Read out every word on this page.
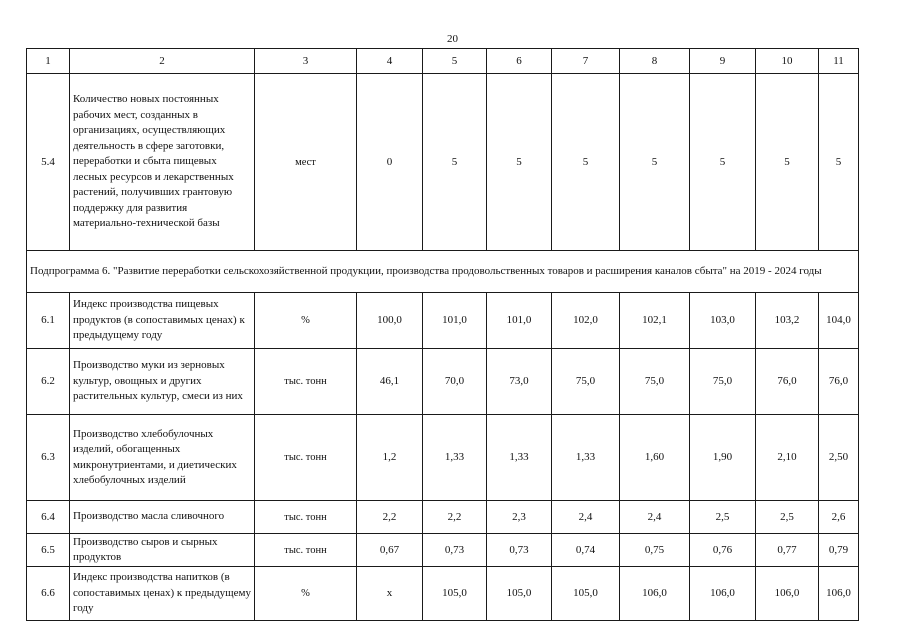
20
1	2	3	4	5	6	7	8	9	10	11
5.4	Количество новых постоянных рабочих мест, созданных в организациях, осуществляющих деятельность в сфере заготовки, переработки и сбыта пищевых лесных ресурсов и лекарственных растений, получивших грантовую поддержку для развития материально-технической базы	мест	0	5	5	5	5	5	5	5
Подпрограмма 6. "Развитие переработки сельскохозяйственной продукции, производства продовольственных товаров и расширения каналов сбыта" на 2019 - 2024 годы										
6.1	Индекс производства пищевых продуктов (в сопоставимых ценах) к предыдущему году	%	100,0	101,0	101,0	102,0	102,1	103,0	103,2	104,0
6.2	Производство муки из зерновых культур, овощных и других растительных культур, смеси из них	тыс. тонн	46,1	70,0	73,0	75,0	75,0	75,0	76,0	76,0
6.3	Производство хлебобулочных изделий, обогащенных микронутриентами, и диетических хлебобулочных изделий	тыс. тонн	1,2	1,33	1,33	1,33	1,60	1,90	2,10	2,50
6.4	Производство масла сливочного	тыс. тонн	2,2	2,2	2,3	2,4	2,4	2,5	2,5	2,6
6.5	Производство сыров и сырных продуктов	тыс. тонн	0,67	0,73	0,73	0,74	0,75	0,76	0,77	0,79
6.6	Индекс производства напитков (в сопоставимых ценах) к предыдущему году	%	х	105,0	105,0	105,0	106,0	106,0	106,0	106,0
